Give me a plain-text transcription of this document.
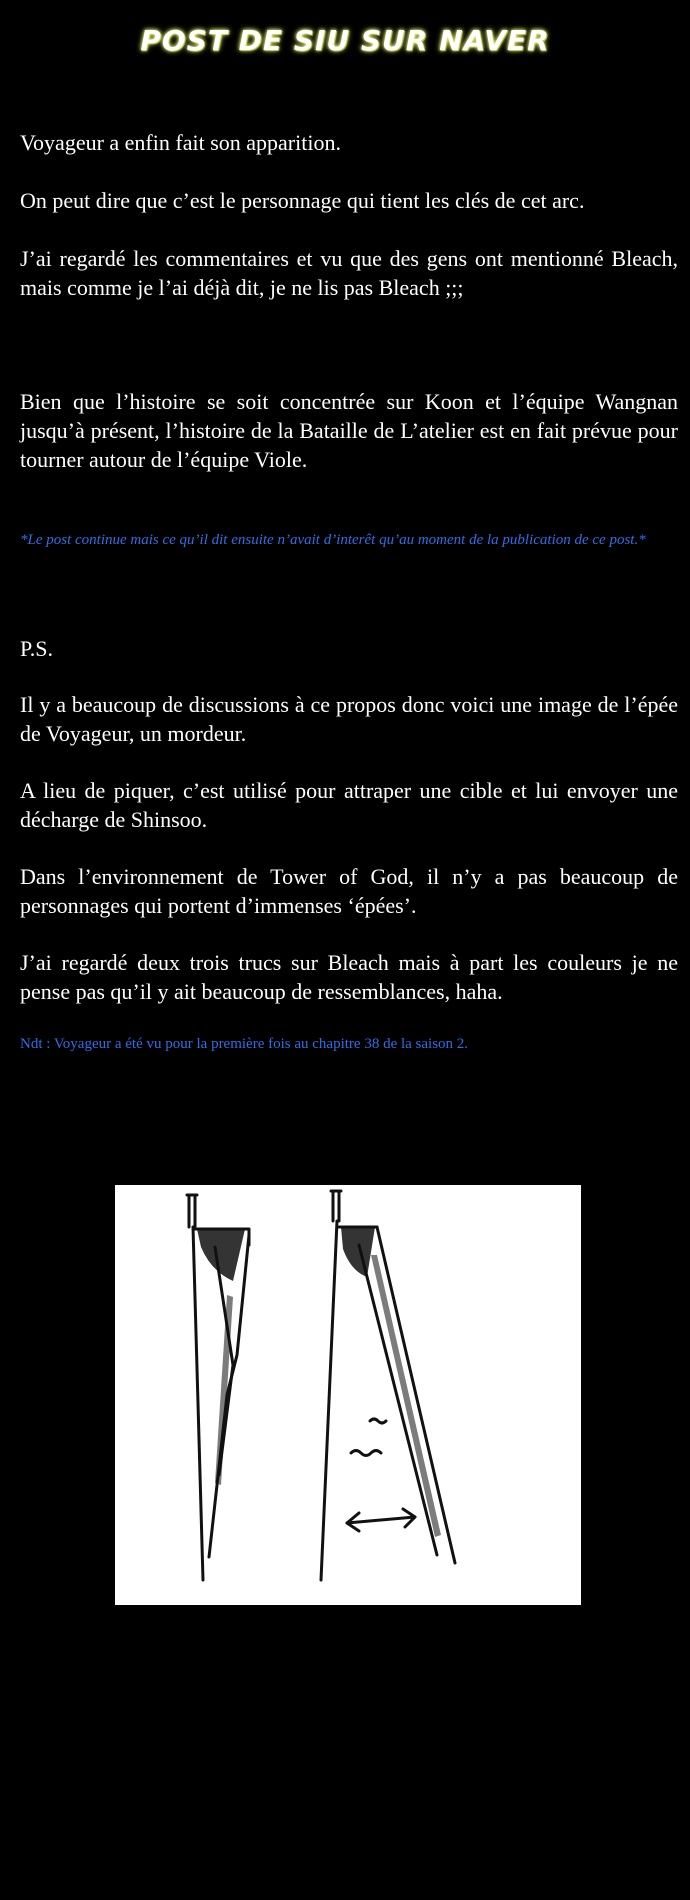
POST DE SIU SUR NAVER
Voyageur a enfin fait son apparition.
On peut dire que c’est le personnage qui tient les clés de cet arc.
J’ai regardé les commentaires et vu que des gens ont mentionné Bleach, mais comme je l’ai déjà dit, je ne lis pas Bleach ;;;
Bien que l’histoire se soit concentrée sur Koon et l’équipe Wangnan jusqu’à présent, l’histoire de la Bataille de L’atelier est en fait prévue pour tourner autour de l’équipe Viole.
*Le post continue mais ce qu’il dit ensuite n’avait d’interêt qu’au moment de la publication de ce post.*
P.S.
Il y a beaucoup de discussions à ce propos donc voici une image de l’épée de Voyageur, un mordeur.
A lieu de piquer, c’est utilisé pour attraper une cible et lui envoyer une décharge de Shinsoo.
Dans l’environnement de Tower of God, il n’y a pas beaucoup de personnages qui portent d’immenses ‘épées’.
J’ai regardé deux trois trucs sur Bleach mais à part les couleurs je ne pense pas qu’il y ait beaucoup de ressemblances, haha.
Ndt : Voyageur a été vu pour la première fois au chapitre 38 de la saison 2.
